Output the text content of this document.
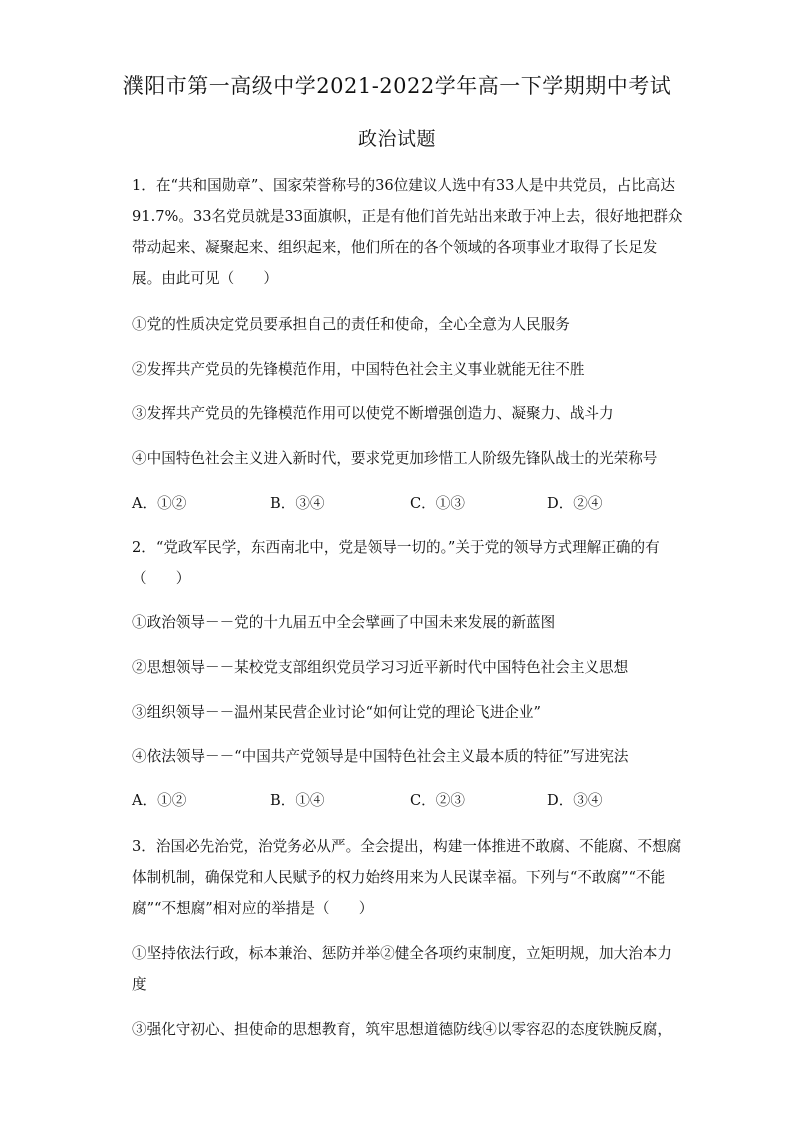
濮阳市第一高级中学2021-2022学年高一下学期期中考试
政治试题
1．在“共和国勋章”、国家荣誉称号的36位建议人选中有33人是中共党员，占比高达
91.7%。33名党员就是33面旗帜，正是有他们首先站出来敢于冲上去，很好地把群众
带动起来、凝聚起来、组织起来，他们所在的各个领域的各项事业才取得了长足发
展。由此可见（　　）
①党的性质决定党员要承担自己的责任和使命，全心全意为人民服务
②发挥共产党员的先锋模范作用，中国特色社会主义事业就能无往不胜
③发挥共产党员的先锋模范作用可以使党不断增强创造力、凝聚力、战斗力
④中国特色社会主义进入新时代，要求党更加珍惜工人阶级先锋队战士的光荣称号
A．①②	B．③④	C．①③	D．②④
2．“党政军民学，东西南北中，党是领导一切的。”关于党的领导方式理解正确的有
（　　）
①政治领导－－党的十九届五中全会擘画了中国未来发展的新蓝图
②思想领导－－某校党支部组织党员学习习近平新时代中国特色社会主义思想
③组织领导－－温州某民营企业讨论“如何让党的理论飞进企业”
④依法领导－－“中国共产党领导是中国特色社会主义最本质的特征”写进宪法
A．①②	B．①④	C．②③	D．③④
3．治国必先治党，治党务必从严。全会提出，构建一体推进不敢腐、不能腐、不想腐
体制机制，确保党和人民赋予的权力始终用来为人民谋幸福。下列与“不敢腐”“不能
腐”“不想腐”相对应的举措是（　　）
①坚持依法行政，标本兼治、惩防并举②健全各项约束制度，立矩明规，加大治本力
度
③强化守初心、担使命的思想教育，筑牢思想道德防线④以零容忍的态度铁腕反腐，
